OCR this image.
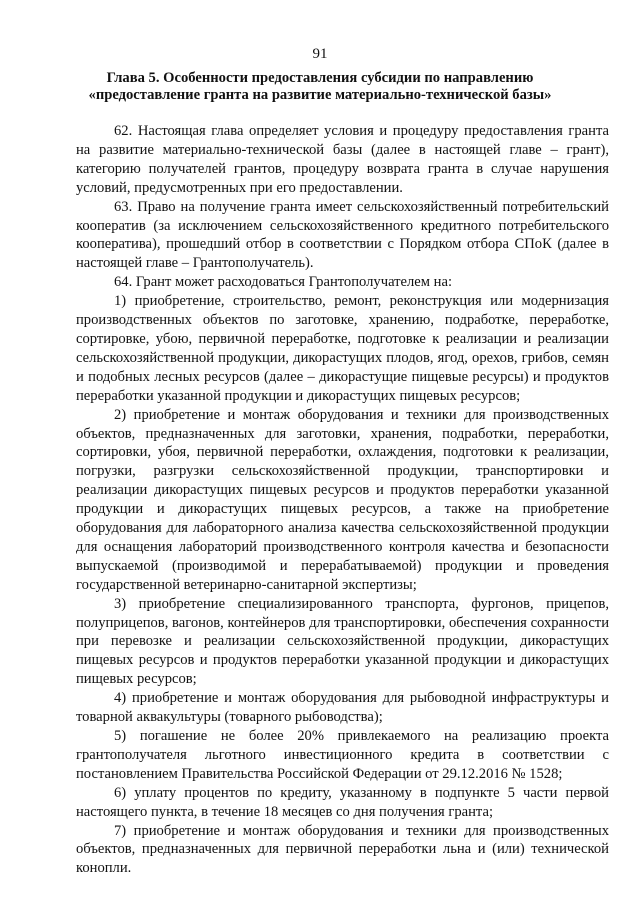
91
Глава 5. Особенности предоставления субсидии по направлению
«предоставление гранта на развитие материально-технической базы»

62. Настоящая глава определяет условия и процедуру предоставления гранта на развитие материально-технической базы (далее в настоящей главе – грант), категорию получателей грантов, процедуру возврата гранта в случае нарушения условий, предусмотренных при его предоставлении.

63. Право на получение гранта имеет сельскохозяйственный потребительский кооператив (за исключением сельскохозяйственного кредитного потребительского кооператива), прошедший отбор в соответствии с Порядком отбора СПоК (далее в настоящей главе – Грантополучатель).

64. Грант может расходоваться Грантополучателем на:

1) приобретение, строительство, ремонт, реконструкция или модернизация производственных объектов по заготовке, хранению, подработке, переработке, сортировке, убою, первичной переработке, подготовке к реализации и реализации сельскохозяйственной продукции, дикорастущих плодов, ягод, орехов, грибов, семян и подобных лесных ресурсов (далее – дикорастущие пищевые ресурсы) и продуктов переработки указанной продукции и дикорастущих пищевых ресурсов;

2) приобретение и монтаж оборудования и техники для производственных объектов, предназначенных для заготовки, хранения, подработки, переработки, сортировки, убоя, первичной переработки, охлаждения, подготовки к реализации, погрузки, разгрузки сельскохозяйственной продукции, транспортировки и реализации дикорастущих пищевых ресурсов и продуктов переработки указанной продукции и дикорастущих пищевых ресурсов, а также на приобретение оборудования для лабораторного анализа качества сельскохозяйственной продукции для оснащения лабораторий производственного контроля качества и безопасности выпускаемой (производимой и перерабатываемой) продукции и проведения государственной ветеринарно-санитарной экспертизы;

3) приобретение специализированного транспорта, фургонов, прицепов, полуприцепов, вагонов, контейнеров для транспортировки, обеспечения сохранности при перевозке и реализации сельскохозяйственной продукции, дикорастущих пищевых ресурсов и продуктов переработки указанной продукции и дикорастущих пищевых ресурсов;

4) приобретение и монтаж оборудования для рыбоводной инфраструктуры и товарной аквакультуры (товарного рыбоводства);

5) погашение не более 20% привлекаемого на реализацию проекта грантополучателя льготного инвестиционного кредита в соответствии с постановлением Правительства Российской Федерации от 29.12.2016 № 1528;

6) уплату процентов по кредиту, указанному в подпункте 5 части первой настоящего пункта, в течение 18 месяцев со дня получения гранта;

7) приобретение и монтаж оборудования и техники для производственных объектов, предназначенных для первичной переработки льна и (или) технической конопли.
